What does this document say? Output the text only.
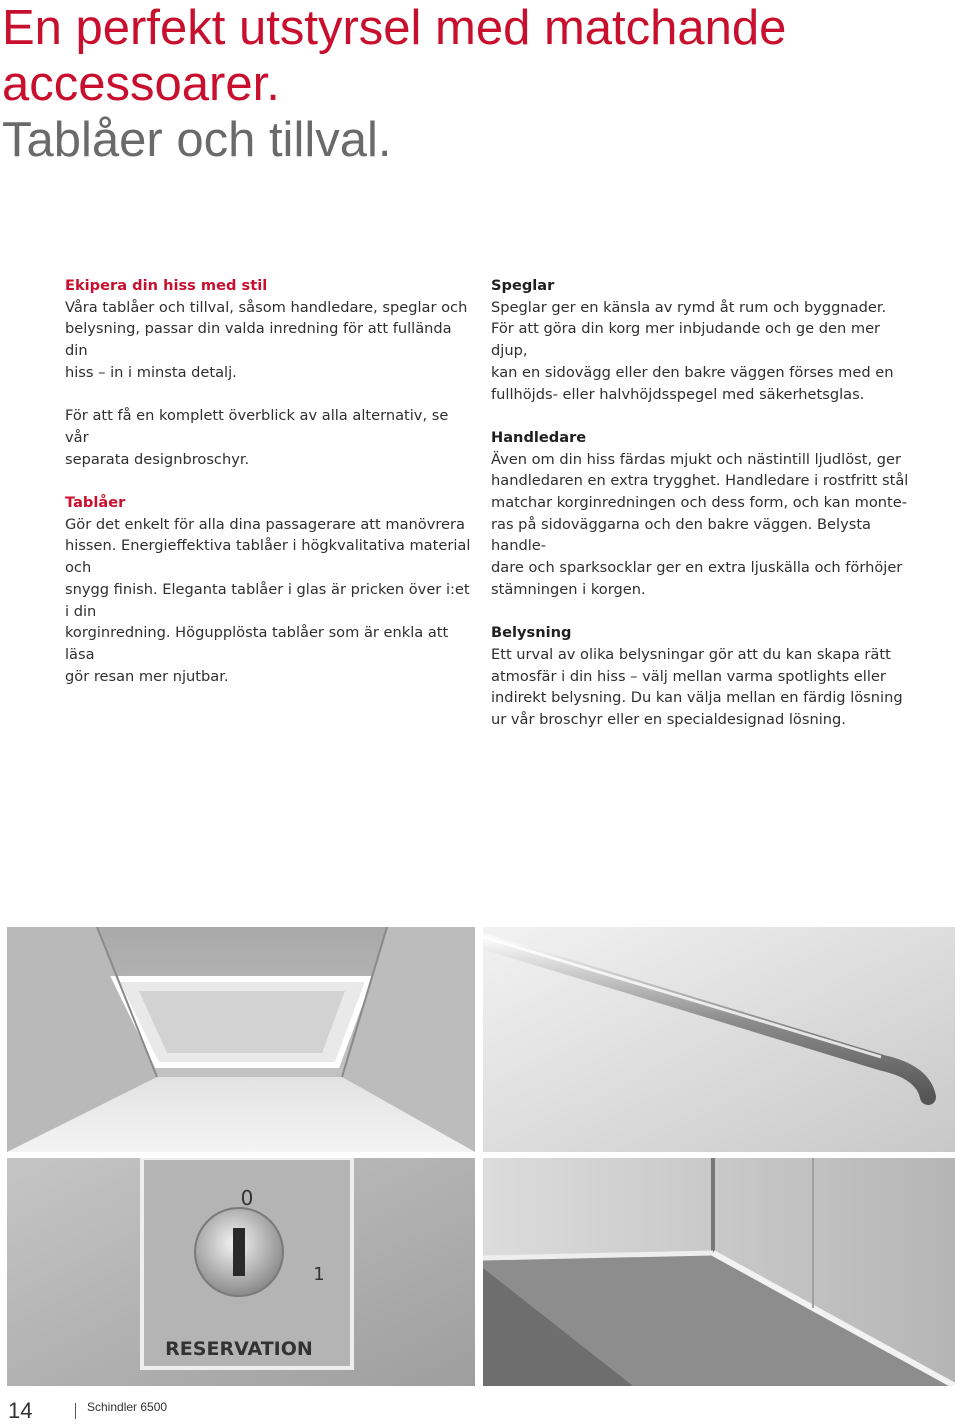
En perfekt utstyrsel med matchande

accessoarer.

Tablåer och tillval.

Ekipera din hiss med stil

Våra tablåer och tillval, såsom handledare, speglar och

belysning, passar din valda inredning för att fulländа din

hiss – in i minsta detalj.

För att få en komplett överblick av alla alternativ, se vår

separata designbroschyr.

Tablåer

Gör det enkelt för alla dina passagerare att manövrera

hissen. Energieffektiva tablåer i högkvalitativa material och

snygg finish. Eleganta tablåer i glas är pricken över i:et i din

korginredning. Högupplösta tablåer som är enkla att läsa

gör resan mer njutbar.

Speglar

Speglar ger en känsla av rymd åt rum och byggnader.

För att göra din korg mer inbjudande och ge den mer djup,

kan en sidovägg eller den bakre väggen förses med en

fullhöjds- eller halvhöjdsspegel med säkerhetsglas.

Handledare

Även om din hiss färdas mjukt och nästintill ljudlöst, ger

handledaren en extra trygghet. Handledare i rostfritt stål

matchar korginredningen och dess form, och kan monte-

ras på sidoväggarna och den bakre väggen. Belysta handle-

dare och sparksocklar ger en extra ljuskälla och förhöjer

stämningen i korgen.

Belysning

Ett urval av olika belysningar gör att du kan skapa rätt

atmosfär i din hiss – välj mellan varma spotlights eller

indirekt belysning. Du kan välja mellan en färdig lösning

ur vår broschyr eller en specialdesignad lösning.

0
1
RESERVATION
14	Schindler 6500
